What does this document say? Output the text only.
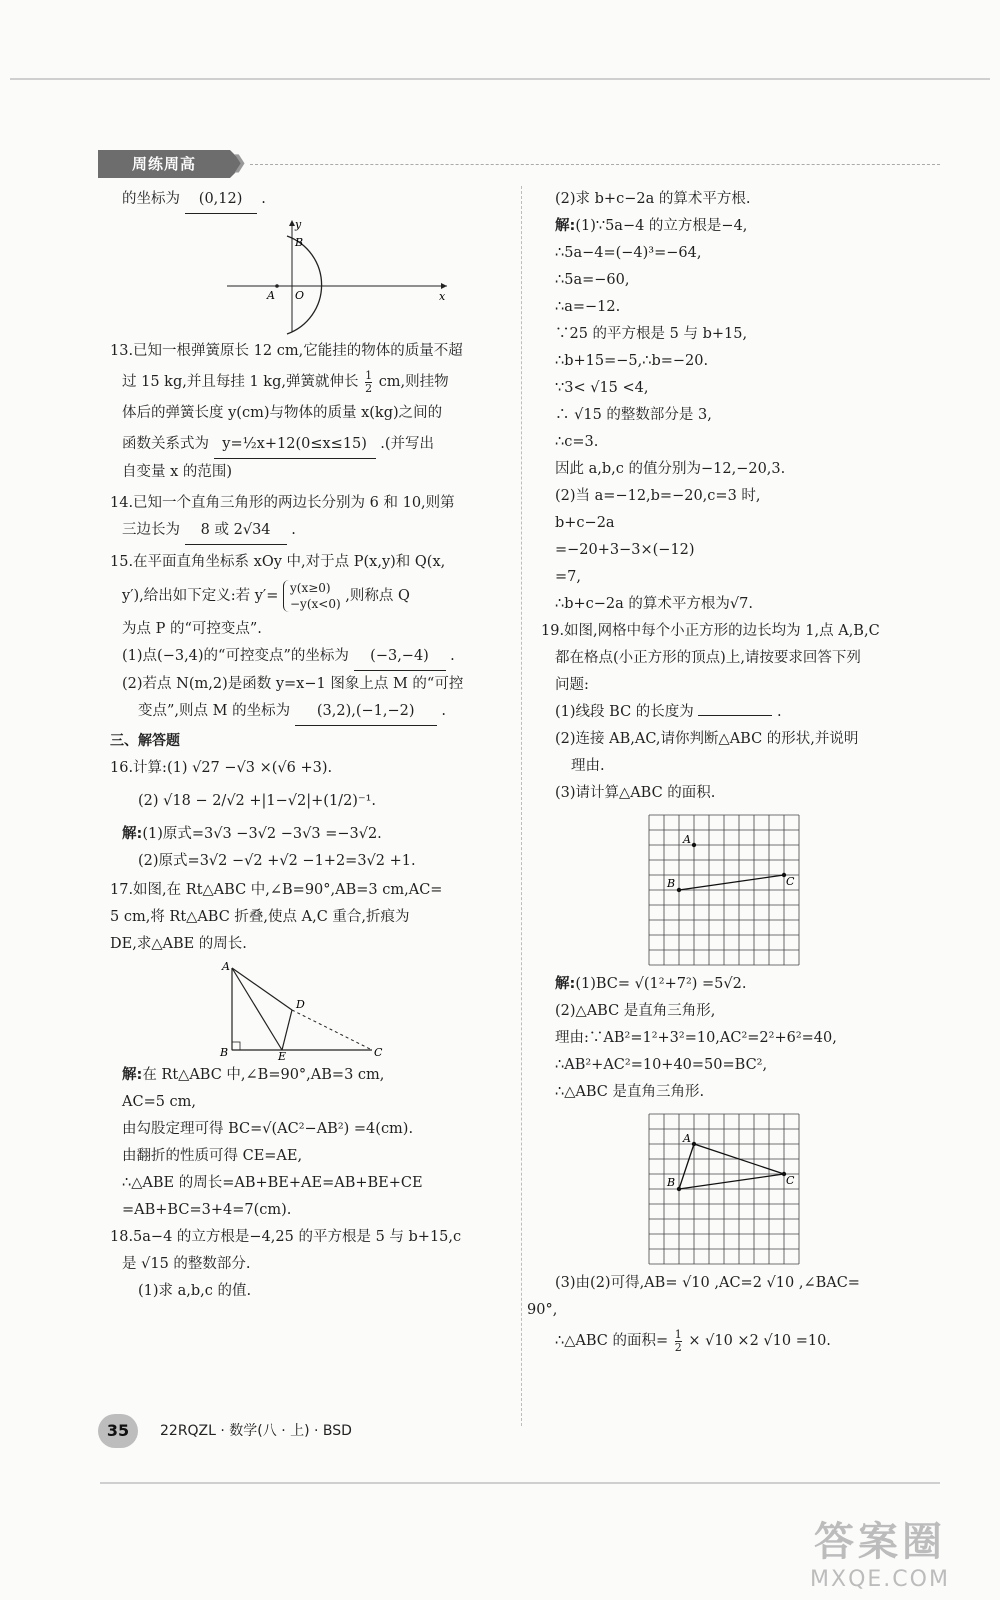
周练周高	❯
的坐标为 (0,12) .
y
x
A O
B
13.已知一根弹簧原长 12 cm,它能挂的物体的质量不超
过 15 kg,并且每挂 1 kg,弹簧就伸长 $\frac{1}{2}$ cm,则挂物
体后的弹簧长度 y(cm)与物体的质量 x(kg)之间的
函数关系式为 y=½x+12(0≤x≤15) .(并写出
自变量 x 的范围)
14.已知一个直角三角形的两边长分别为 6 和 10,则第
三边长为 8 或 2√34 .
15.在平面直角坐标系 xOy 中,对于点 P(x,y)和 Q(x,
y′),给出如下定义:若 y′= y(x≥0)
−y(x<0) ,则称点 Q
为点 P 的“可控变点”.
(1)点(−3,4)的“可控变点”的坐标为 (−3,−4) .
(2)若点 N(m,2)是函数 y=x−1 图象上点 M 的“可控
变点”,则点 M 的坐标为 (3,2),(−1,−2) .
三、解答题
16.计算:(1) √27 −√3 ×(√6 +3).
(2) √18 − 2/√2 +|1−√2|+(1/2)⁻¹.
解:(1)原式=3√3 −3√2 −3√3 =−3√2.
(2)原式=3√2 −√2 +√2 −1+2=3√2 +1.
17.如图,在 Rt△ABC 中,∠B=90°,AB=3 cm,AC=
5 cm,将 Rt△ABC 折叠,使点 A,C 重合,折痕为
DE,求△ABE 的周长.
A
B	C
D
E
解:在 Rt△ABC 中,∠B=90°,AB=3 cm,
AC=5 cm,
由勾股定理可得 BC=√(AC²−AB²) =4(cm).
由翻折的性质可得 CE=AE,
∴△ABE 的周长=AB+BE+AE=AB+BE+CE
=AB+BC=3+4=7(cm).
18.5a−4 的立方根是−4,25 的平方根是 5 与 b+15,c
是 √15 的整数部分.
(1)求 a,b,c 的值.
(2)求 b+c−2a 的算术平方根.
解:(1)∵5a−4 的立方根是−4,
∴5a−4=(−4)³=−64,
∴5a=−60,
∴a=−12.
∵25 的平方根是 5 与 b+15,
∴b+15=−5,∴b=−20.
∵3< √15 <4,
∴ √15 的整数部分是 3,
∴c=3.
因此 a,b,c 的值分别为−12,−20,3.
(2)当 a=−12,b=−20,c=3 时,
b+c−2a
=−20+3−3×(−12)
=7,
∴b+c−2a 的算术平方根为√7.
19.如图,网格中每个小正方形的边长均为 1,点 A,B,C
都在格点(小正方形的顶点)上,请按要求回答下列
问题:
(1)线段 BC 的长度为	.
(2)连接 AB,AC,请你判断△ABC 的形状,并说明
理由.
(3)请计算△ABC 的面积.
A
B	C
解:(1)BC= √(1²+7²) =5√2.
(2)△ABC 是直角三角形,
理由:∵AB²=1²+3²=10,AC²=2²+6²=40,
∴AB²+AC²=10+40=50=BC²,
∴△ABC 是直角三角形.
A
B	C
(3)由(2)可得,AB= √10 ,AC=2 √10 ,∠BAC=
90°,
∴△ABC 的面积= $\frac{1}{2} \times √10 \times 2$ √10 =10.
35	22RQZL · 数学(八 · 上) · BSD
答案圈
MXQE.COM
